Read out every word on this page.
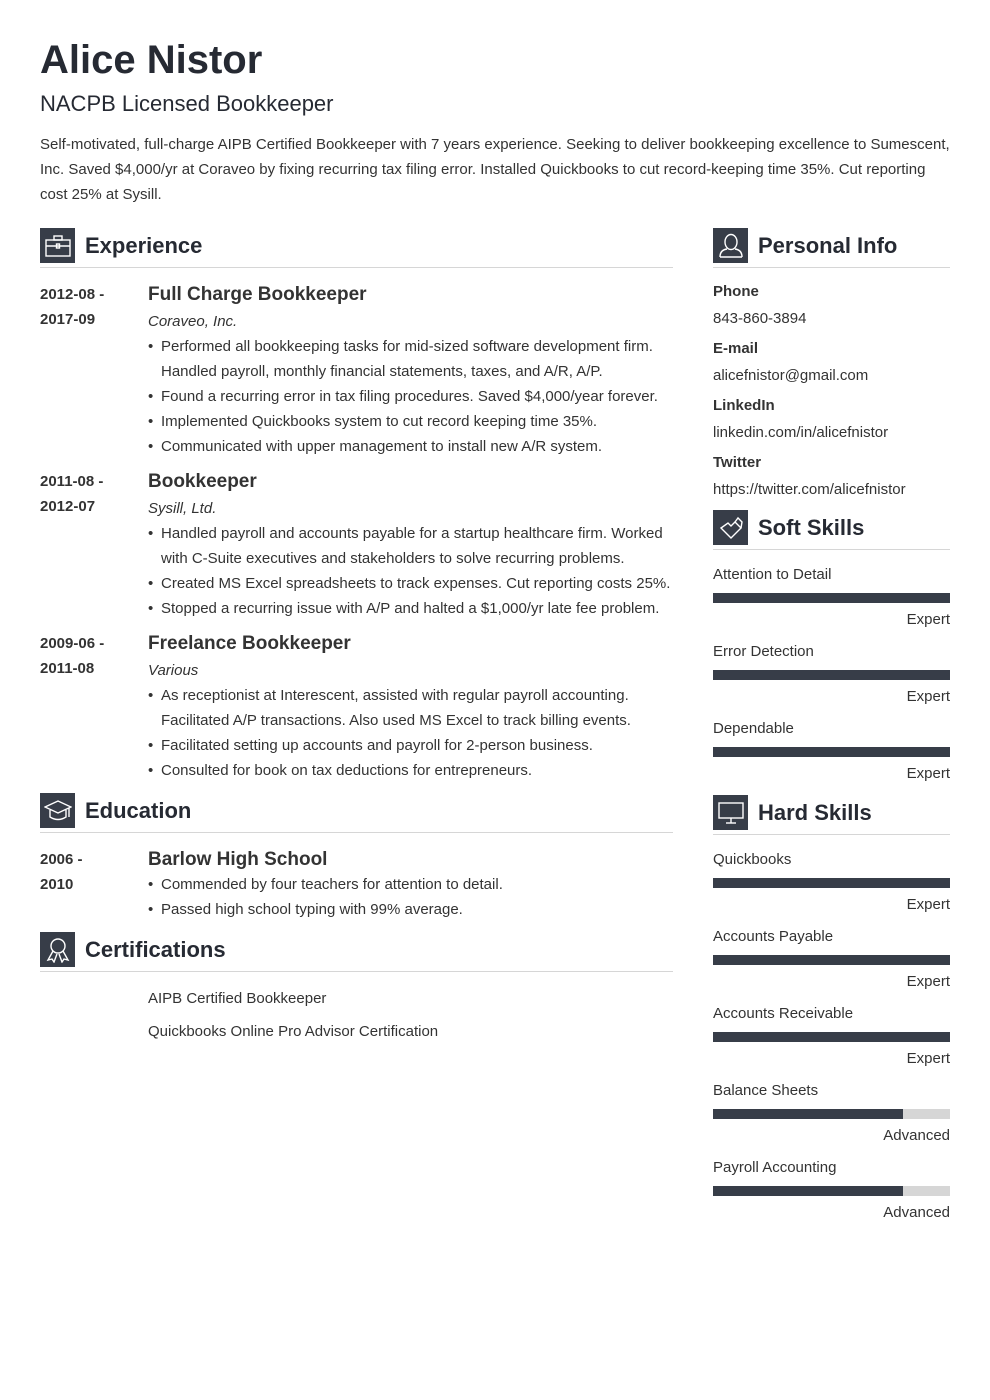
Alice Nistor
NACPB Licensed Bookkeeper
Self-motivated, full-charge AIPB Certified Bookkeeper with 7 years experience. Seeking to deliver bookkeeping excellence to Sumescent, Inc. Saved $4,000/yr at Coraveo by fixing recurring tax filing error. Installed Quickbooks to cut record-keeping time 35%. Cut reporting cost 25% at Sysill.
Experience
2012-08 -
2017-09
Full Charge Bookkeeper
Coraveo, Inc.
• Performed all bookkeeping tasks for mid-sized software development firm. Handled payroll, monthly financial statements, taxes, and A/R, A/P.
• Found a recurring error in tax filing procedures. Saved $4,000/year forever.
• Implemented Quickbooks system to cut record keeping time 35%.
• Communicated with upper management to install new A/R system.
2011-08 -
2012-07
Bookkeeper
Sysill, Ltd.
• Handled payroll and accounts payable for a startup healthcare firm. Worked with C-Suite executives and stakeholders to solve recurring problems.
• Created MS Excel spreadsheets to track expenses. Cut reporting costs 25%.
• Stopped a recurring issue with A/P and halted a $1,000/yr late fee problem.
2009-06 -
2011-08
Freelance Bookkeeper
Various
• As receptionist at Interescent, assisted with regular payroll accounting. Facilitated A/P transactions. Also used MS Excel to track billing events.
• Facilitated setting up accounts and payroll for 2-person business.
• Consulted for book on tax deductions for entrepreneurs.
Education
2006 -
2010
Barlow High School
• Commended by four teachers for attention to detail.
• Passed high school typing with 99% average.
Certifications
AIPB Certified Bookkeeper
Quickbooks Online Pro Advisor Certification
Personal Info
Phone
843-860-3894
E-mail
alicefnistor@gmail.com
LinkedIn
linkedin.com/in/alicefnistor
Twitter
https://twitter.com/alicefnistor
Soft Skills
Attention to Detail
Expert
Error Detection
Expert
Dependable
Expert
Hard Skills
Quickbooks
Expert
Accounts Payable
Expert
Accounts Receivable
Expert
Balance Sheets
Advanced
Payroll Accounting
Advanced
